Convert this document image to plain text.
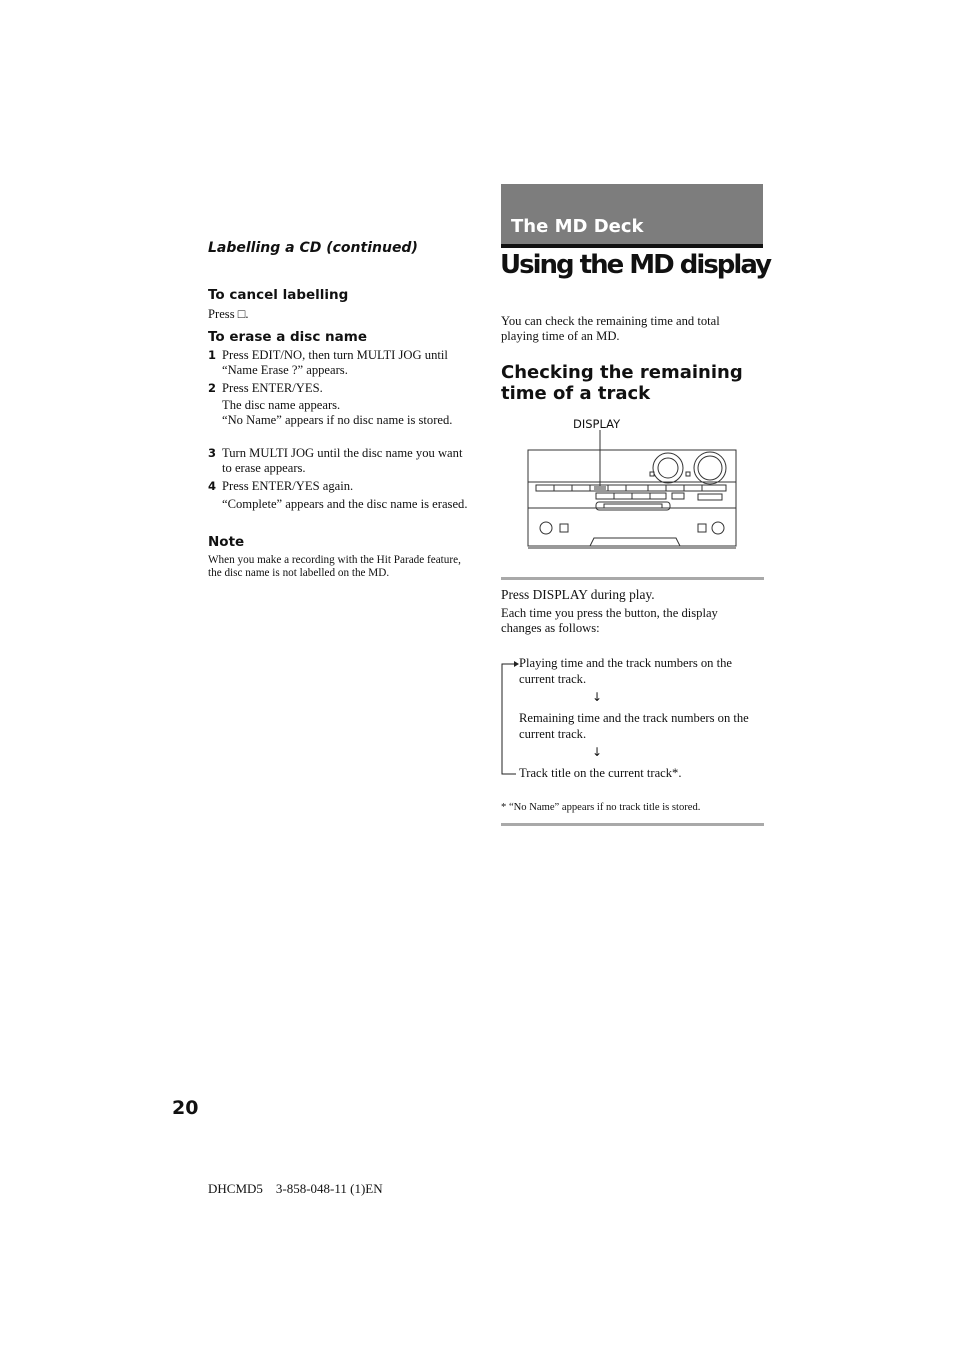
Labelling a CD (continued)
To cancel labelling
Press □.
To erase a disc name
1 Press EDIT/NO, then turn MULTI JOG until “Name Erase ?” appears.
2 Press ENTER/YES.
The disc name appears.
“No Name” appears if no disc name is stored.
3 Turn MULTI JOG until the disc name you want to erase appears.
4 Press ENTER/YES again.
“Complete” appears and the disc name is erased.
Note
When you make a recording with the Hit Parade feature, the disc name is not labelled on the MD.
The MD Deck
Using the MD display
You can check the remaining time and total playing time of an MD.
Checking the remaining time of a track
DISPLAY
Press DISPLAY during play.
Each time you press the button, the display changes as follows:
Playing time and the track numbers on the current track.
↓
Remaining time and the track numbers on the current track.
↓
Track title on the current track*.
* “No Name” appears if no track title is stored.
20
DHCMD5    3-858-048-11 (1)EN
